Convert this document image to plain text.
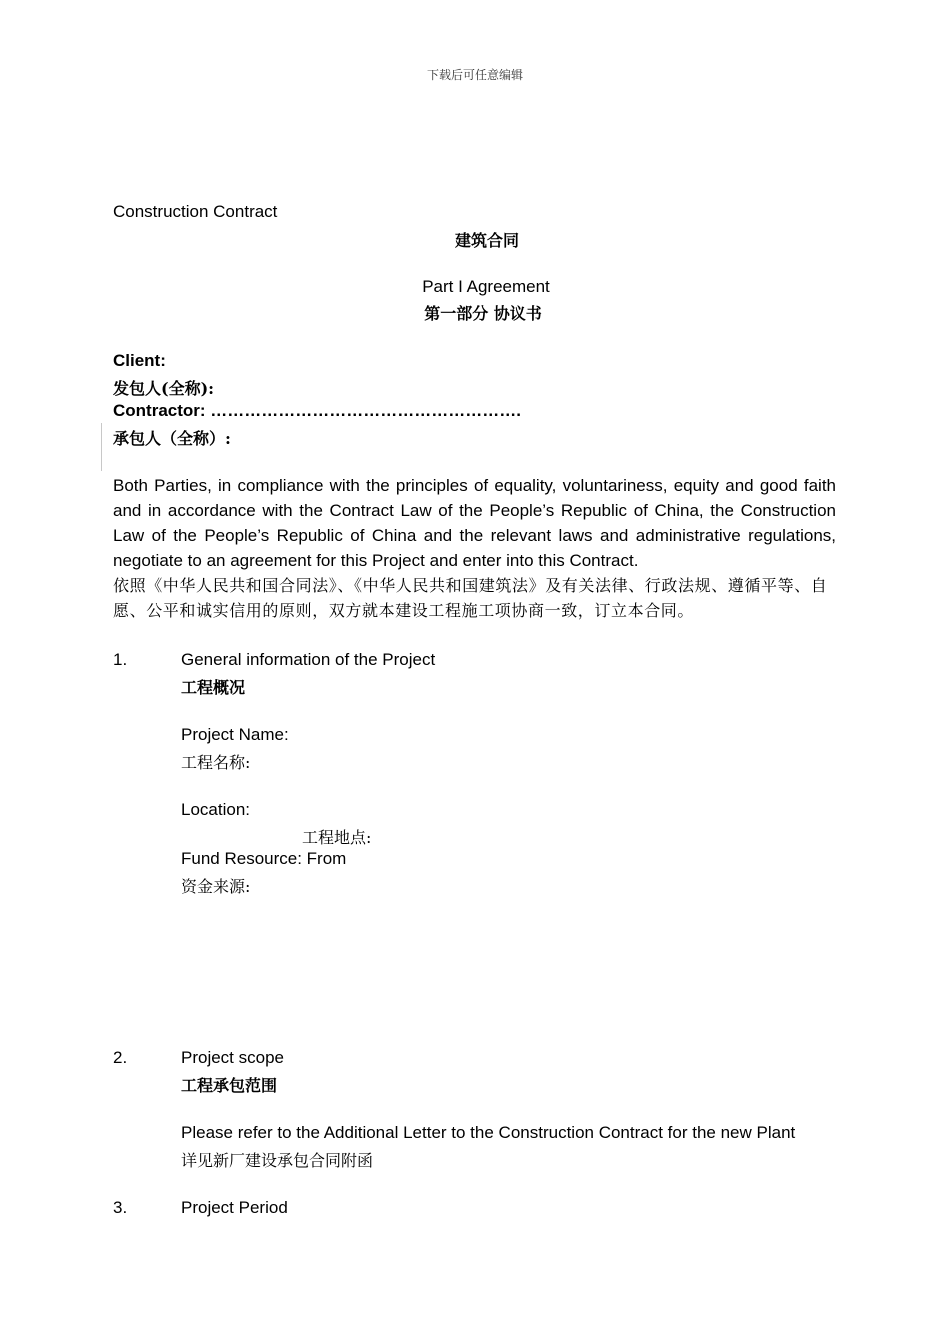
下载后可任意编辑
Construction Contract
建筑合同
Part I Agreement
第一部分 协议书
Client:
发包人(全称):
Contractor: ……………………………………………….
承包人（全称）:
Both Parties, in compliance with the principles of equality, voluntariness, equity and good faith and in accordance with the Contract Law of the People’s Republic of China, the Construction Law of the People’s Republic of China and the relevant laws and administrative regulations, negotiate to an agreement for this Project and enter into this Contract.
依照《中华人民共和国合同法》、《中华人民共和国建筑法》及有关法律、行政法规、遵循平等、自愿、公平和诚实信用的原则，双方就本建设工程施工项协商一致，订立本合同。
1.	General information of the Project
工程概况
Project Name:
工程名称:
Location:
工程地点:
Fund Resource: From
资金来源:
2.	Project scope
工程承包范围
Please refer to the Additional Letter to the Construction Contract for the new Plant
详见新厂建设承包合同附函
3.	Project Period
